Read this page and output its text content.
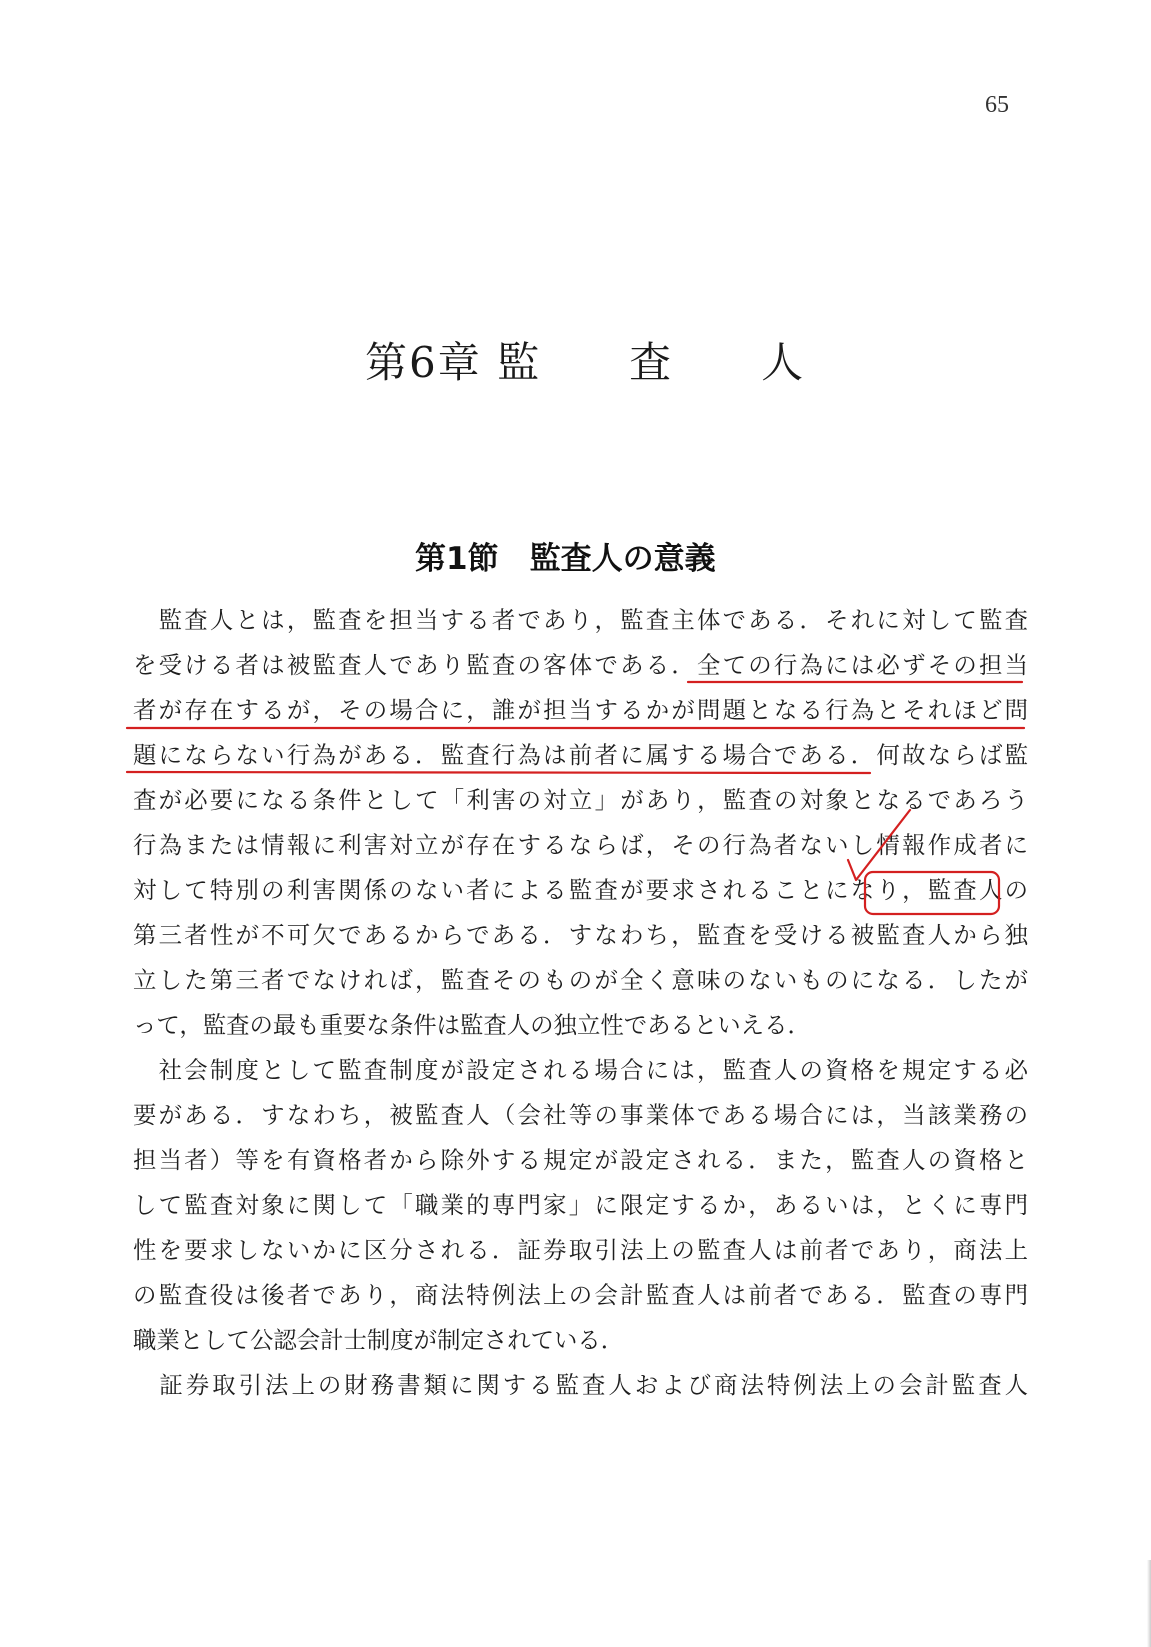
65
第6章 監　　査　　人
第1節　監査人の意義
　監査人とは，監査を担当する者であり，監査主体である．それに対して監査
を受ける者は被監査人であり監査の客体である．全ての行為には必ずその担当
者が存在するが，その場合に，誰が担当するかが問題となる行為とそれほど問
題にならない行為がある．監査行為は前者に属する場合である．何故ならば監
査が必要になる条件として「利害の対立」があり，監査の対象となるであろう
行為または情報に利害対立が存在するならば，その行為者ないし情報作成者に
対して特別の利害関係のない者による監査が要求されることになり，監査人の
第三者性が不可欠であるからである．すなわち，監査を受ける被監査人から独
立した第三者でなければ，監査そのものが全く意味のないものになる．したが
って，監査の最も重要な条件は監査人の独立性であるといえる．
　社会制度として監査制度が設定される場合には，監査人の資格を規定する必
要がある．すなわち，被監査人（会社等の事業体である場合には，当該業務の
担当者）等を有資格者から除外する規定が設定される．また，監査人の資格と
して監査対象に関して「職業的専門家」に限定するか，あるいは，とくに専門
性を要求しないかに区分される．証券取引法上の監査人は前者であり，商法上
の監査役は後者であり，商法特例法上の会計監査人は前者である．監査の専門
職業として公認会計士制度が制定されている．
　証券取引法上の財務書類に関する監査人および商法特例法上の会計監査人
